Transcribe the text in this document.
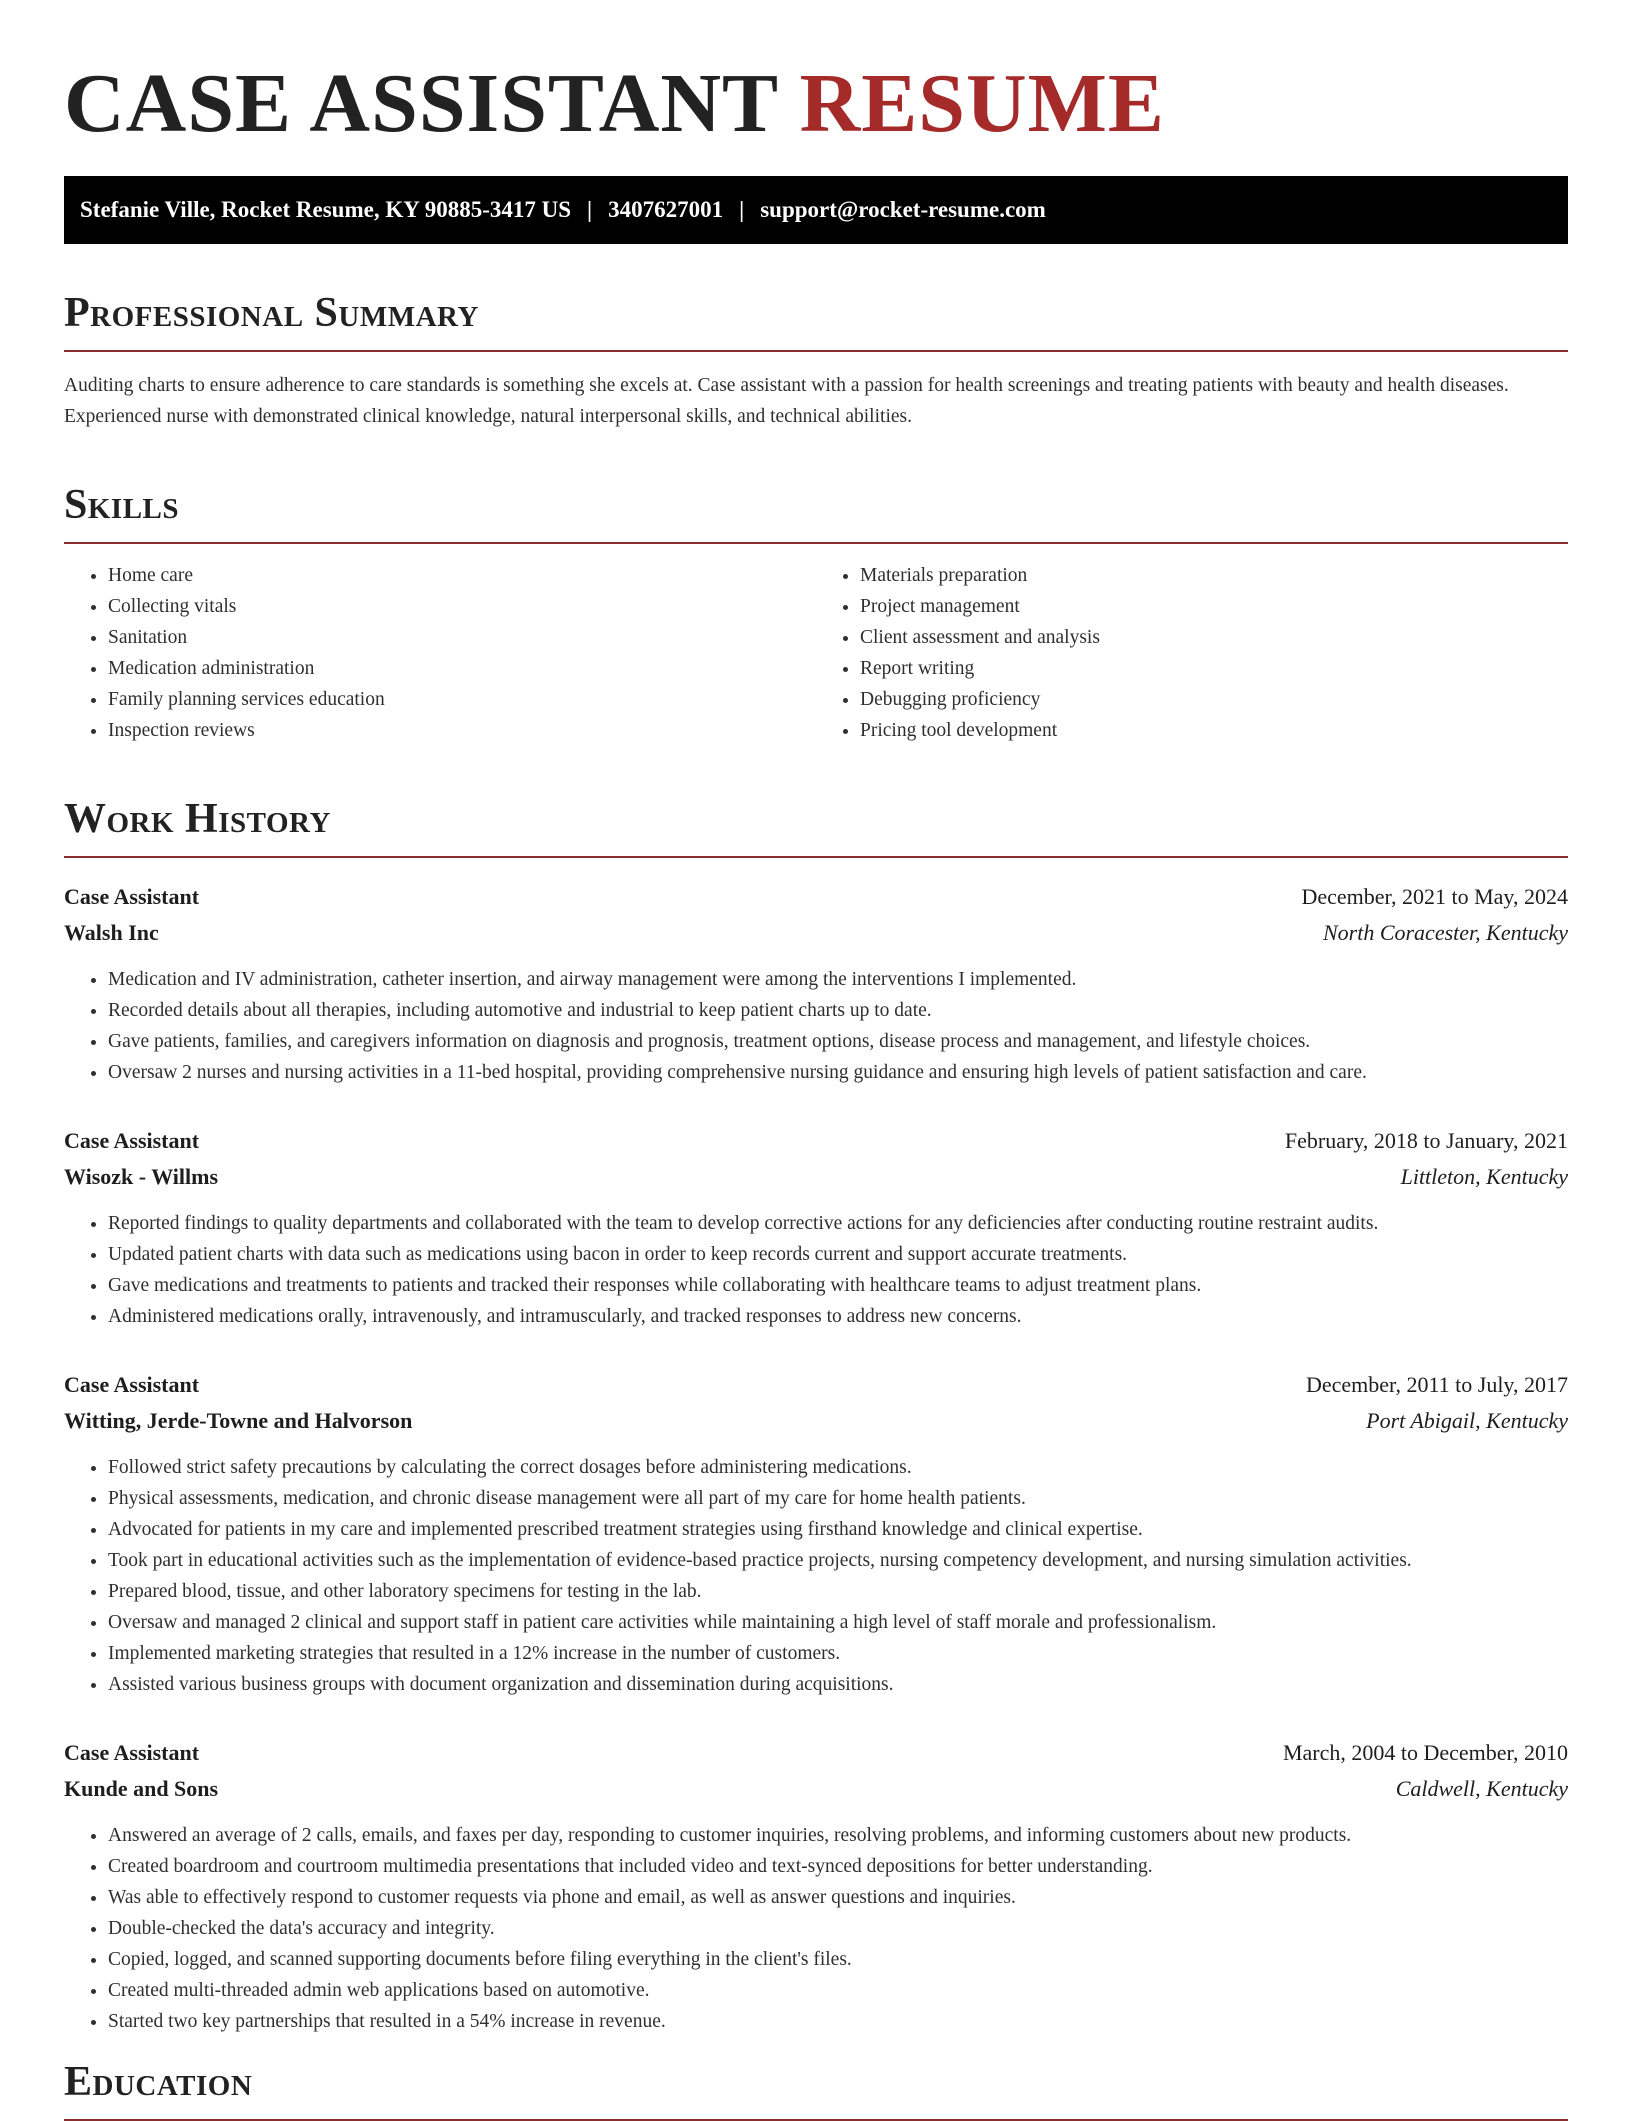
CASE ASSISTANT RESUME
Stefanie Ville, Rocket Resume, KY 90885-3417 US | 3407627001 | support@rocket-resume.com
Professional Summary

Auditing charts to ensure adherence to care standards is something she excels at. Case assistant with a passion for health screenings and treating patients with beauty and health diseases. Experienced nurse with demonstrated clinical knowledge, natural interpersonal skills, and technical abilities.

Skills
• Home care
• Collecting vitals
• Sanitation
• Medication administration
• Family planning services education
• Inspection reviews
• Materials preparation
• Project management
• Client assessment and analysis
• Report writing
• Debugging proficiency
• Pricing tool development
Work History
Case Assistant	December, 2021 to May, 2024
Walsh Inc	North Coracester, Kentucky
• Medication and IV administration, catheter insertion, and airway management were among the interventions I implemented.
• Recorded details about all therapies, including automotive and industrial to keep patient charts up to date.
• Gave patients, families, and caregivers information on diagnosis and prognosis, treatment options, disease process and management, and lifestyle choices.
• Oversaw 2 nurses and nursing activities in a 11-bed hospital, providing comprehensive nursing guidance and ensuring high levels of patient satisfaction and care.
Case Assistant	February, 2018 to January, 2021
Wisozk - Willms	Littleton, Kentucky
• Reported findings to quality departments and collaborated with the team to develop corrective actions for any deficiencies after conducting routine restraint audits.
• Updated patient charts with data such as medications using bacon in order to keep records current and support accurate treatments.
• Gave medications and treatments to patients and tracked their responses while collaborating with healthcare teams to adjust treatment plans.
• Administered medications orally, intravenously, and intramuscularly, and tracked responses to address new concerns.
Case Assistant	December, 2011 to July, 2017
Witting, Jerde-Towne and Halvorson	Port Abigail, Kentucky
• Followed strict safety precautions by calculating the correct dosages before administering medications.
• Physical assessments, medication, and chronic disease management were all part of my care for home health patients.
• Advocated for patients in my care and implemented prescribed treatment strategies using firsthand knowledge and clinical expertise.
• Took part in educational activities such as the implementation of evidence-based practice projects, nursing competency development, and nursing simulation activities.
• Prepared blood, tissue, and other laboratory specimens for testing in the lab.
• Oversaw and managed 2 clinical and support staff in patient care activities while maintaining a high level of staff morale and professionalism.
• Implemented marketing strategies that resulted in a 12% increase in the number of customers.
• Assisted various business groups with document organization and dissemination during acquisitions.
Case Assistant	March, 2004 to December, 2010
Kunde and Sons	Caldwell, Kentucky
• Answered an average of 2 calls, emails, and faxes per day, responding to customer inquiries, resolving problems, and informing customers about new products.
• Created boardroom and courtroom multimedia presentations that included video and text-synced depositions for better understanding.
• Was able to effectively respond to customer requests via phone and email, as well as answer questions and inquiries.
• Double-checked the data's accuracy and integrity.
• Copied, logged, and scanned supporting documents before filing everything in the client's files.
• Created multi-threaded admin web applications based on automotive.
• Started two key partnerships that resulted in a 54% increase in revenue.
Education
